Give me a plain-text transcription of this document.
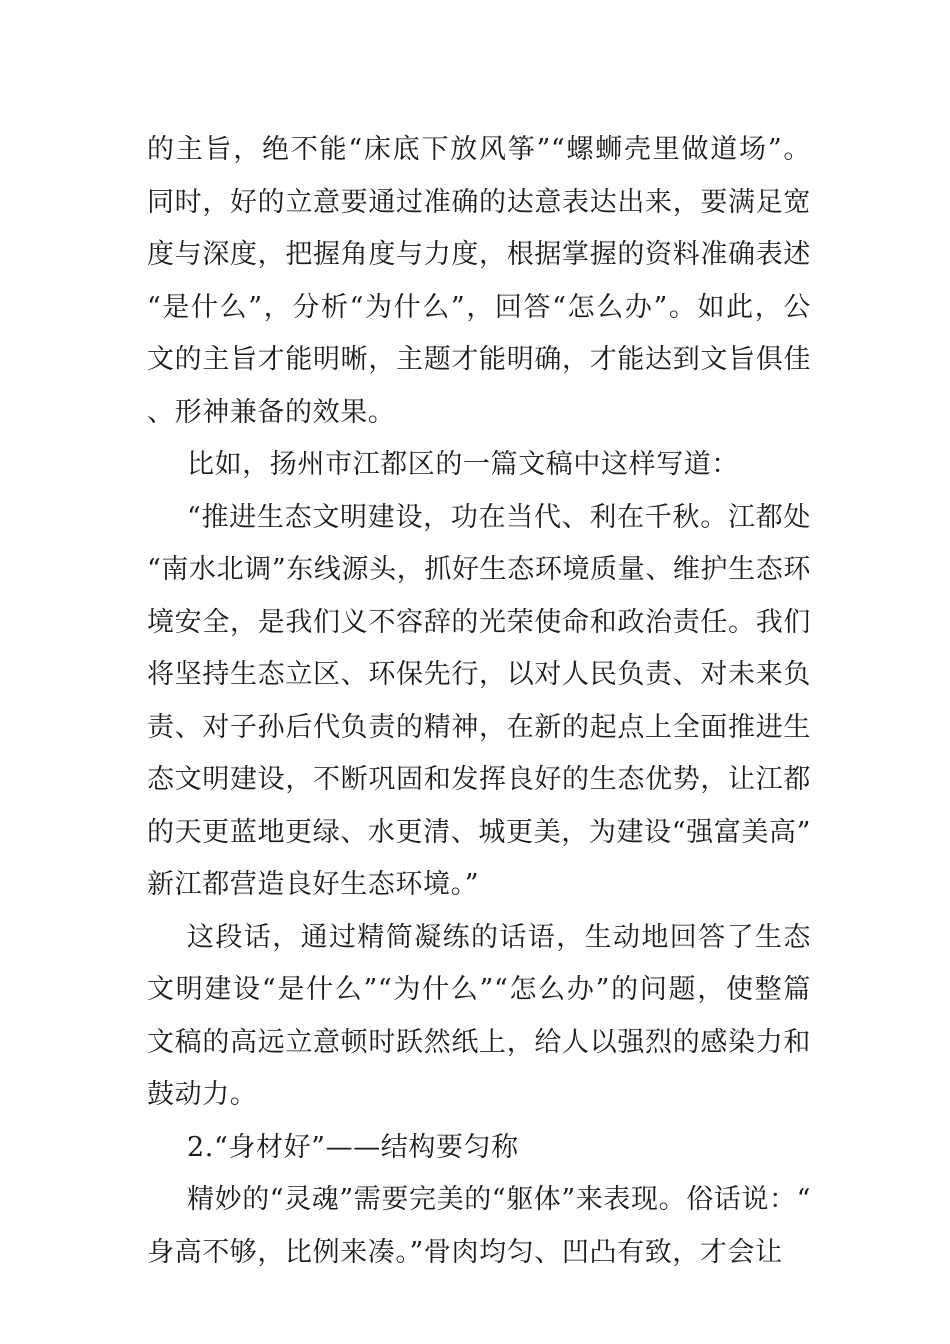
的主旨，绝不能“床底下放风筝”“螺蛳壳里做道场”。同时，好的立意要通过准确的达意表达出来，要满足宽度与深度，把握角度与力度，根据掌握的资料准确表述“是什么”，分析“为什么”，回答“怎么办”。如此，公文的主旨才能明晰，主题才能明确，才能达到文旨俱佳、形神兼备的效果。

比如，扬州市江都区的一篇文稿中这样写道：

“推进生态文明建设，功在当代、利在千秋。江都处“南水北调”东线源头，抓好生态环境质量、维护生态环境安全，是我们义不容辞的光荣使命和政治责任。我们将坚持生态立区、环保先行，以对人民负责、对未来负责、对子孙后代负责的精神，在新的起点上全面推进生态文明建设，不断巩固和发挥良好的生态优势，让江都的天更蓝地更绿、水更清、城更美，为建设“强富美高”新江都营造良好生态环境。”

这段话，通过精简凝练的话语，生动地回答了生态文明建设“是什么”“为什么”“怎么办”的问题，使整篇文稿的高远立意顿时跃然纸上，给人以强烈的感染力和鼓动力。

2.“身材好”——结构要匀称

精妙的“灵魂”需要完美的“躯体”来表现。俗话说：“身高不够，比例来凑。”骨肉均匀、凹凸有致，才会让
